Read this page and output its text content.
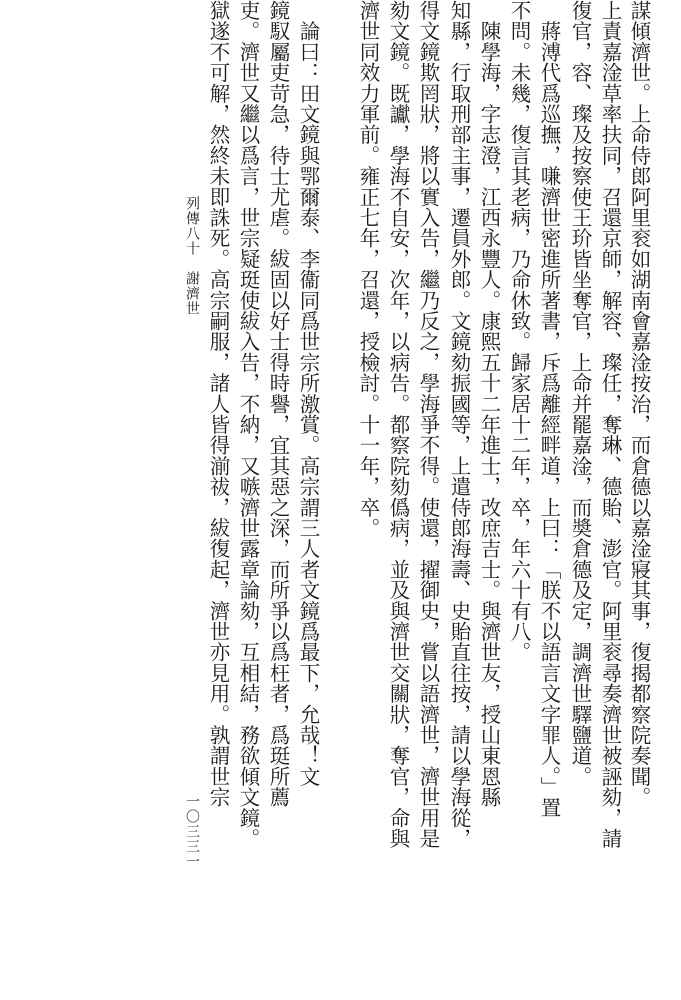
謀傾濟世。上命侍郎阿里衮如湖南會嘉淦按治，而倉德以嘉淦寢其事，復揭都察院奏聞。
上責嘉淦草率扶同，召還京師，解容、璨任，奪琳、德貽、澎官。阿里衮尋奏濟世被誣劾，請
復官，容、璨及按察使王玠皆坐奪官，上命并罷嘉淦，而奬倉德及定，調濟世驛鹽道。
　蔣溥代爲巡撫，嗛濟世密進所著書，斥爲離經畔道，上曰：「朕不以語言文字罪人。」置
不問。未幾，復言其老病，乃命休致。歸家居十二年，卒，年六十有八。
　陳學海，字志澄，江西永豐人。康熙五十二年進士，改庶吉士。與濟世友，授山東恩縣
知縣，行取刑部主事，遷員外郎。文鏡劾振國等，上遣侍郎海壽、史貽直往按，請以學海從，
得文鏡欺罔狀，將以實入告，繼乃反之，學海爭不得。使還，擢御史，嘗以語濟世，濟世用是
劾文鏡。既讞，學海不自安，次年，以病告。都察院劾僞病，並及與濟世交關狀，奪官，命與
濟世同效力軍前。雍正七年，召還，授檢討。十一年，卒。
　論曰：田文鏡與鄂爾泰、李衞同爲世宗所激賞。高宗謂三人者文鏡爲最下，允哉！文
鏡馭屬吏苛急，待士尤虐。紱固以好士得時譽，宜其惡之深，而所爭以爲枉者，爲珽所薦
吏。濟世又繼以爲言，世宗疑珽使紱入告，不納，又嗾濟世露章論劾，互相結，務欲傾文鏡。
獄遂不可解，然終未即誅死。高宗嗣服，諸人皆得湔祓，紱復起，濟世亦見用。孰謂世宗
列傳八十　謝濟世
一〇三三一
